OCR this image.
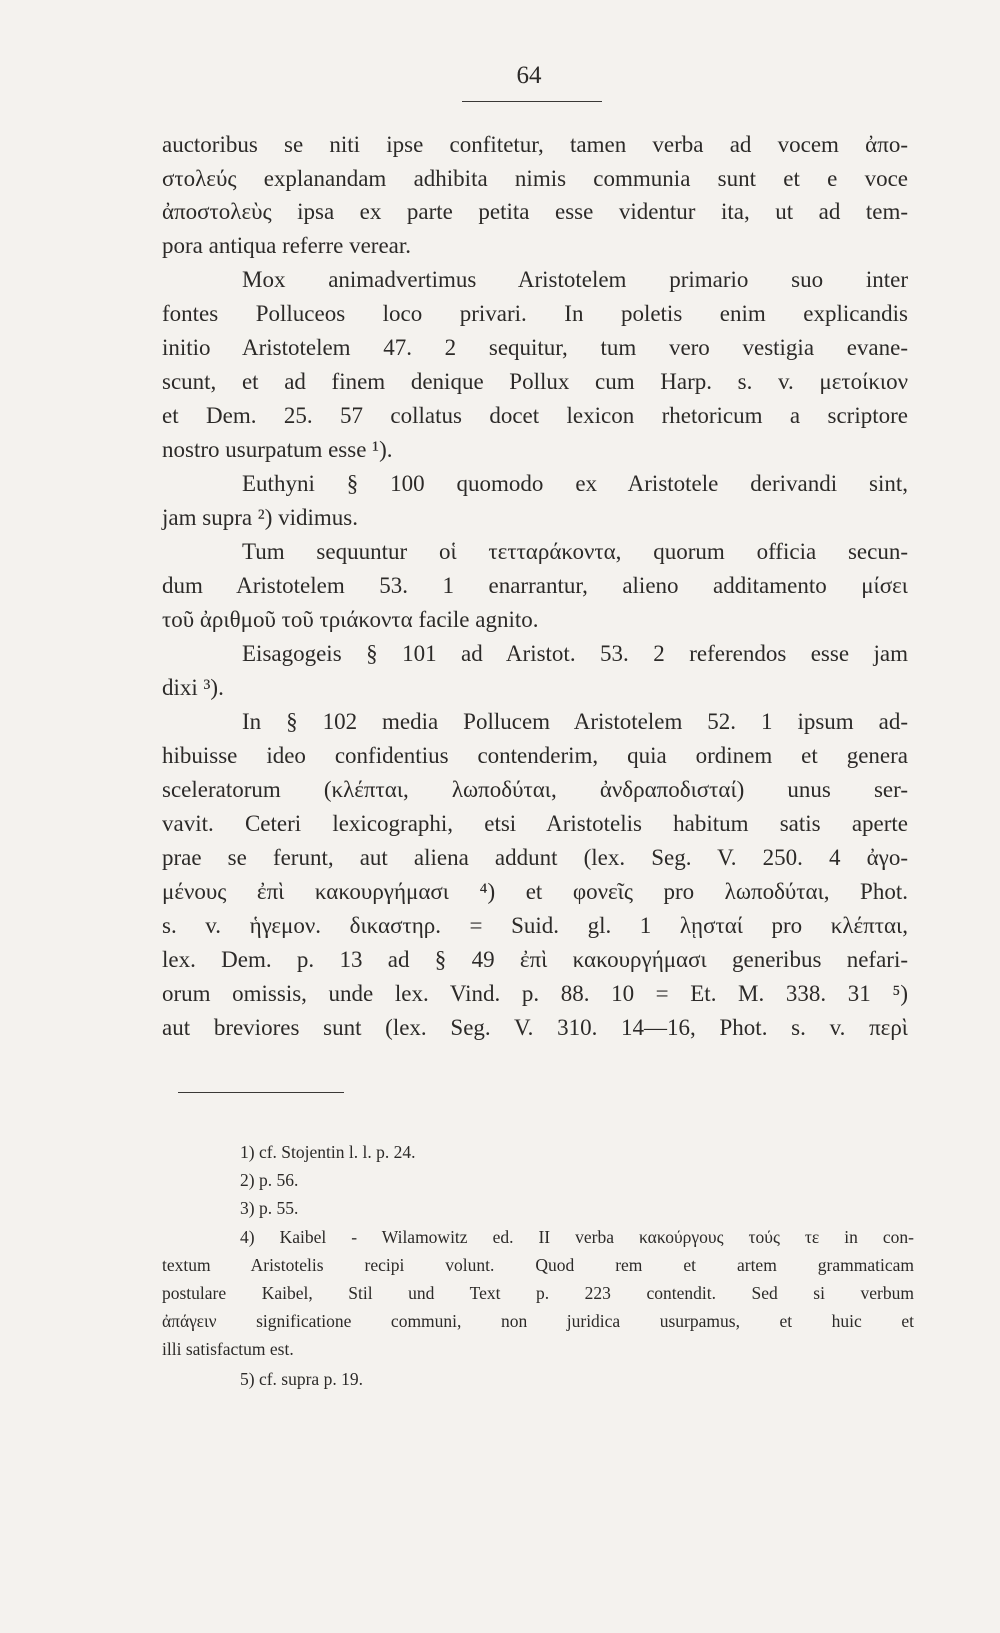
64
auctoribus se niti ipse confitetur, tamen verba ad vocem ἀπο-
στολεύς explanandam adhibita nimis communia sunt et e voce
ἀποστολεὺς ipsa ex parte petita esse videntur ita, ut ad tem-
pora antiqua referre verear.
Mox animadvertimus Aristotelem primario suo inter
fontes Polluceos loco privari. In poletis enim explicandis
initio Aristotelem 47. 2 sequitur, tum vero vestigia evane-
scunt, et ad finem denique Pollux cum Harp. s. v. μετοίκιον
et Dem. 25. 57 collatus docet lexicon rhetoricum a scriptore
nostro usurpatum esse ¹).
Euthyni § 100 quomodo ex Aristotele derivandi sint,
jam supra ²) vidimus.
Tum sequuntur οἱ τετταράκοντα, quorum officia secun-
dum Aristotelem 53. 1 enarrantur, alieno additamento μίσει
τοῦ ἀριθμοῦ τοῦ τριάκοντα facile agnito.
Eisagogeis § 101 ad Aristot. 53. 2 referendos esse jam
dixi ³).
In § 102 media Pollucem Aristotelem 52. 1 ipsum ad-
hibuisse ideo confidentius contenderim, quia ordinem et genera
sceleratorum (κλέπται, λωποδύται, ἀνδραποδισταί) unus ser-
vavit. Ceteri lexicographi, etsi Aristotelis habitum satis aperte
prae se ferunt, aut aliena addunt (lex. Seg. V. 250. 4 ἀγο-
μένους ἐπὶ κακουργήμασι ⁴) et φονεῖς pro λωποδύται, Phot.
s. v. ἡγεμον. δικαστηρ. = Suid. gl. 1 λῃσταί pro κλέπται,
lex. Dem. p. 13 ad § 49 ἐπὶ κακουργήμασι generibus nefari-
orum omissis, unde lex. Vind. p. 88. 10 = Et. M. 338. 31 ⁵)
aut breviores sunt (lex. Seg. V. 310. 14—16, Phot. s. v. περὶ
1) cf. Stojentin l. l. p. 24.
2) p. 56.
3) p. 55.
4) Kaibel - Wilamowitz ed. II verba κακούργους τούς τε in con-
textum Aristotelis recipi volunt. Quod rem et artem grammaticam
postulare Kaibel, Stil und Text p. 223 contendit. Sed si verbum
ἀπάγειν significatione communi, non juridica usurpamus, et huic et
illi satisfactum est.
5) cf. supra p. 19.
